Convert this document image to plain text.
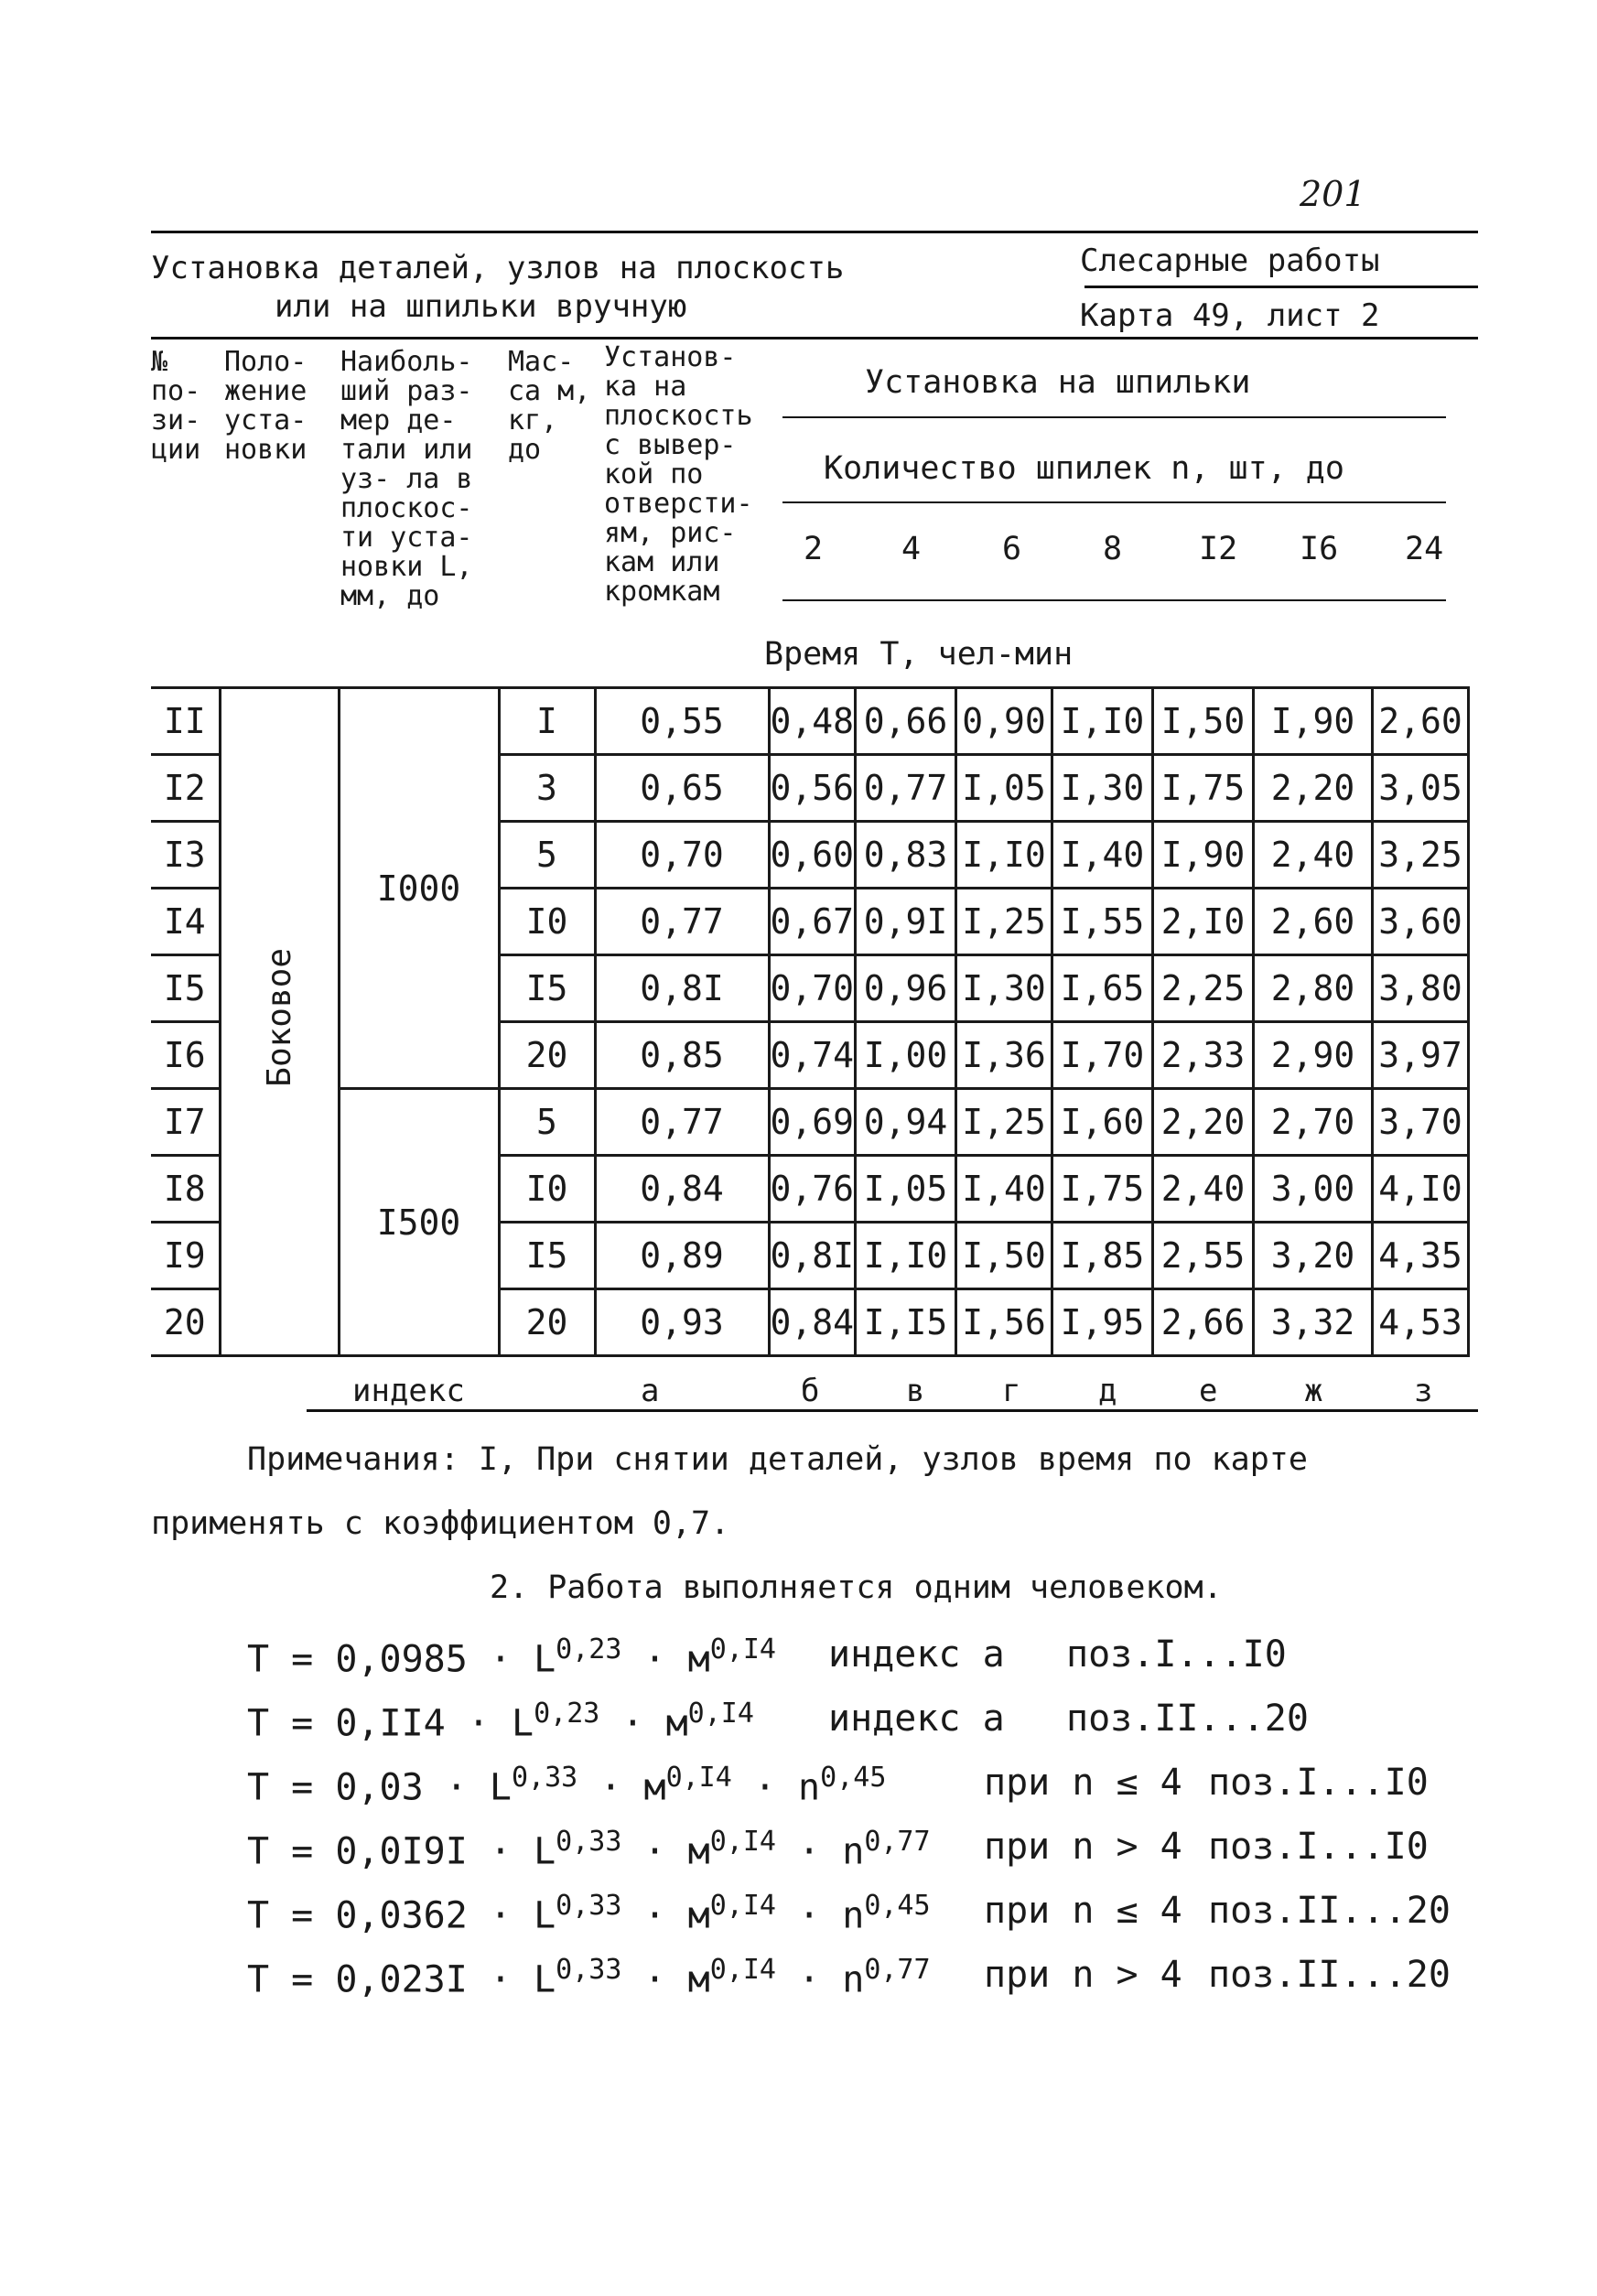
201
Установка деталей, узлов на плоскость
или на шпильки вручную
Слесарные работы
Карта 49, лист 2
№ по- зи- ции
Поло- жение уста- новки
Наиболь- ший раз- мер де- тали или уз- ла в плоскос- ти уста- новки L, мм, до
Мас- са м, кг, до
Установ- ка на плоскость с вывер- кой по отверсти- ям, рис- кам или кромкам
Установка на шпильки
Количество шпилек n, шт, до
2 4	6	8 I2 I6 24
Время Т, чел-мин
II	Боковое	I000	I	0,55	0,48	0,66	0,90	I,I0	I,50	I,90	2,60
I2			3	0,65	0,56	0,77	I,05	I,30	I,75	2,20	3,05
I3			5	0,70	0,60	0,83	I,I0	I,40	I,90	2,40	3,25
I4			I0	0,77	0,67	0,9I	I,25	I,55	2,I0	2,60	3,60
I5			I5	0,8I	0,70	0,96	I,30	I,65	2,25	2,80	3,80
I6			20	0,85	0,74	I,00	I,36	I,70	2,33	2,90	3,97
I7		I500	5	0,77	0,69	0,94	I,25	I,60	2,20	2,70	3,70
I8			I0	0,84	0,76	I,05	I,40	I,75	2,40	3,00	4,I0
I9			I5	0,89	0,8I	I,I0	I,50	I,85	2,55	3,20	4,35
20			20	0,93	0,84	I,I5	I,56	I,95	2,66	3,32	4,53
индекс	а	б	в г д	е	ж	з
Примечания: I, При снятии деталей, узлов время по карте
применять с коэффициентом 0,7.
2. Работа выполняется одним человеком.
$Т = 0,0985 \cdot L^{0,23} \cdot м^{0,I4}$ индекс а поз.I...I0
$Т = 0,II4 \cdot L^{0,23} \cdot м^{0,I4}$ индекс а поз.II...20
$Т = 0,03 \cdot L^{0,33} \cdot м^{0,I4} \cdot n^{0,45}$	при n ≤ 4 поз.I...I0
$Т = 0,0I9I \cdot L^{0,33} \cdot м^{0,I4} \cdot n^{0,77}$ при n > 4 поз.I...I0
$Т = 0,0362 \cdot L^{0,33} \cdot м^{0,I4} \cdot n^{0,45}$ при n ≤ 4 поз.II...20
$Т = 0,023I \cdot L^{0,33} \cdot м^{0,I4} \cdot n^{0,77}$ при n > 4 поз.II...20
